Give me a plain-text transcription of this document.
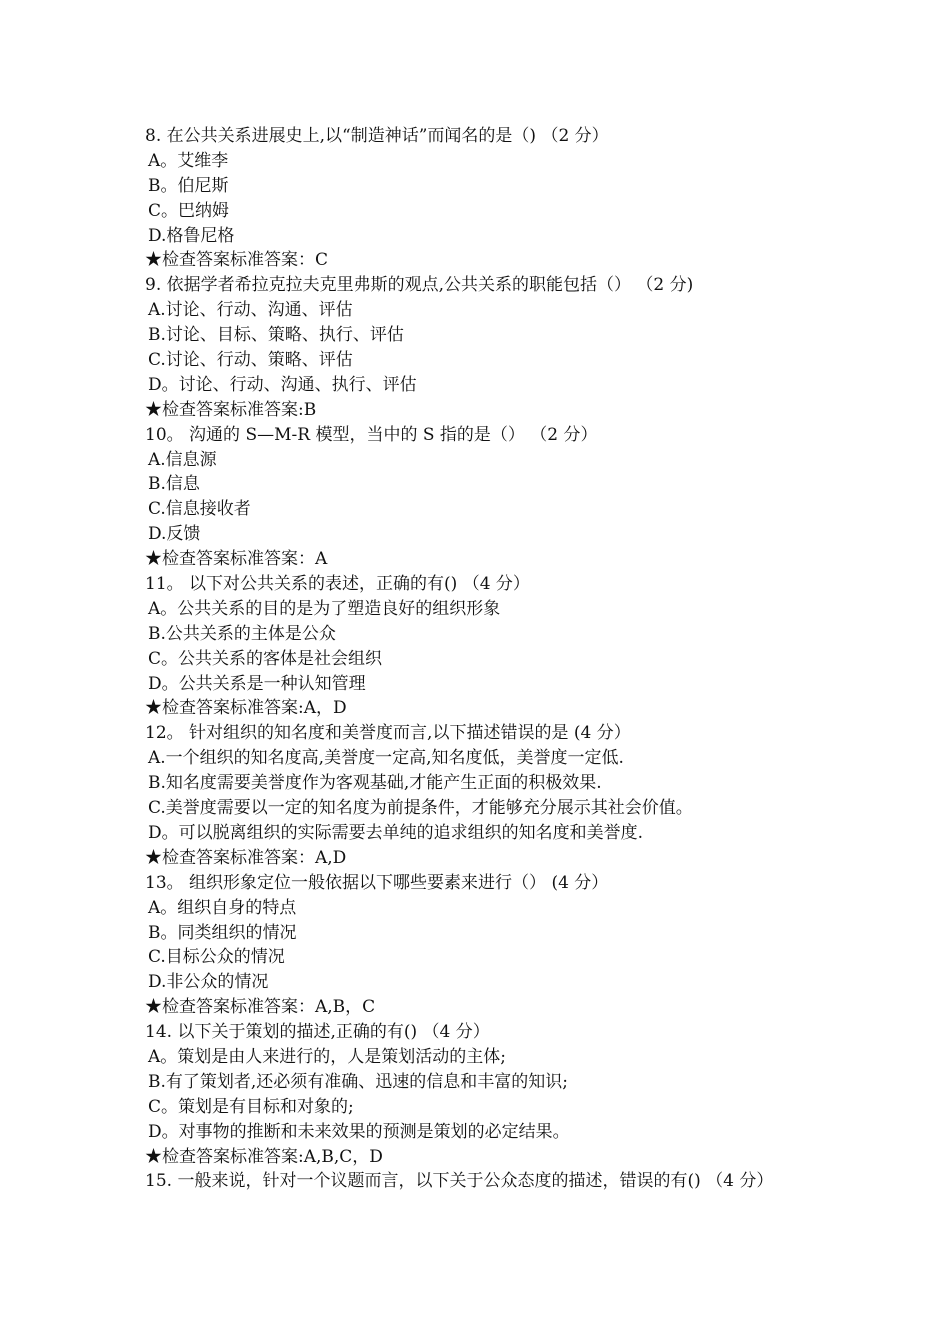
8. 在公共关系进展史上,以“制造神话”而闻名的是（) （2 分）
A。艾维李
B。伯尼斯
C。巴纳姆
D.格鲁尼格
★检查答案标准答案：C
9. 依据学者希拉克拉夫克里弗斯的观点,公共关系的职能包括（） （2 分)
A.讨论、行动、沟通、评估
B.讨论、目标、策略、执行、评估
C.讨论、行动、策略、评估
D。讨论、行动、沟通、执行、评估
★检查答案标准答案:B
10。 沟通的 S—M-R 模型，当中的 S 指的是（） （2 分）
A.信息源
B.信息
C.信息接收者
D.反馈
★检查答案标准答案：A
11。 以下对公共关系的表述，正确的有() （4 分）
A。公共关系的目的是为了塑造良好的组织形象
B.公共关系的主体是公众
C。公共关系的客体是社会组织
D。公共关系是一种认知管理
★检查答案标准答案:A，D
12。 针对组织的知名度和美誉度而言,以下描述错误的是 (4 分）
A.一个组织的知名度高,美誉度一定高,知名度低，美誉度一定低.
B.知名度需要美誉度作为客观基础,才能产生正面的积极效果.
C.美誉度需要以一定的知名度为前提条件，才能够充分展示其社会价值。
D。可以脱离组织的实际需要去单纯的追求组织的知名度和美誉度.
★检查答案标准答案：A,D
13。 组织形象定位一般依据以下哪些要素来进行（） (4 分）
A。组织自身的特点
B。同类组织的情况
C.目标公众的情况
D.非公众的情况
★检查答案标准答案：A,B，C
14. 以下关于策划的描述,正确的有() （4 分）
A。策划是由人来进行的，人是策划活动的主体;
B.有了策划者,还必须有准确、迅速的信息和丰富的知识;
C。策划是有目标和对象的;
D。对事物的推断和未来效果的预测是策划的必定结果。
★检查答案标准答案:A,B,C，D
15. 一般来说，针对一个议题而言，以下关于公众态度的描述，错误的有() （4 分）
